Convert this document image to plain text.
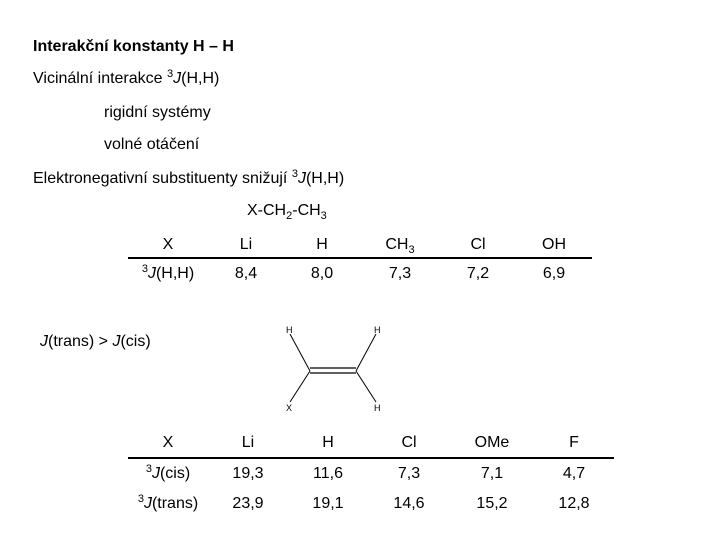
Interakční konstanty H – H
Vicinální interakce $^3$J(H,H)
rigidní systémy
volné otáčení
Elektronegativní substituenty snižují $^3$J(H,H)
$X-CH_2-CH_3$
X	Li	H	$CH_3$	Cl	OH
$^3$J(H,H)	8,4	8,0	7,3	7,2	6,9
J(trans) > J(cis)
H	H
X	H
X	Li	H	Cl	OMe	F
$^3$J(cis)	19,3	11,6	7,3	7,1	4,7
$^3$J(trans)	23,9	19,1	14,6	15,2	12,8
